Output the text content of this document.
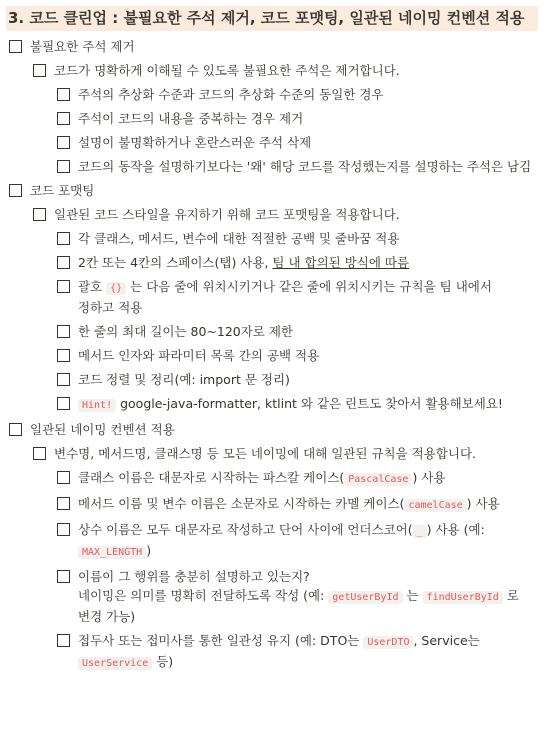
3. 코드 클린업 : 불필요한 주석 제거, 코드 포맷팅, 일관된 네이밍 컨벤션 적용
불필요한 주석 제거
코드가 명확하게 이해될 수 있도록 불필요한 주석은 제거합니다.
주석의 추상화 수준과 코드의 추상화 수준의 동일한 경우
주석이 코드의 내용을 중복하는 경우 제거
설명이 불명확하거나 혼란스러운 주석 삭제
코드의 동작을 설명하기보다는 '왜' 해당 코드를 작성했는지를 설명하는 주석은 남김
코드 포맷팅
일관된 코드 스타일을 유지하기 위해 코드 포맷팅을 적용합니다.
각 클래스, 메서드, 변수에 대한 적절한 공백 및 줄바꿈 적용
2칸 또는 4칸의 스페이스(탭) 사용, 팀 내 합의된 방식에 따름
괄호 {} 는 다음 줄에 위치시키거나 같은 줄에 위치시키는 규칙을 팀 내에서 정하고 적용
한 줄의 최대 길이는 80~120자로 제한
메서드 인자와 파라미터 목록 간의 공백 적용
코드 정렬 및 정리(예: import 문 정리)
Hint! google-java-formatter, ktlint 와 같은 린트도 찾아서 활용해보세요!
일관된 네이밍 컨벤션 적용
변수명, 메서드명, 클래스명 등 모든 네이밍에 대해 일관된 규칙을 적용합니다.
클래스 이름은 대문자로 시작하는 파스칼 케이스( PascalCase ) 사용
메서드 이름 및 변수 이름은 소문자로 시작하는 카멜 케이스( camelCase ) 사용
상수 이름은 모두 대문자로 작성하고 단어 사이에 언더스코어( _ ) 사용 (예: MAX_LENGTH )
이름이 그 행위를 충분히 설명하고 있는지?
네이밍은 의미를 명확히 전달하도록 작성 (예: getUserById 는 findUserById 로 변경 가능)
접두사 또는 접미사를 통한 일관성 유지 (예: DTO는 UserDTO , Service는 UserService 등)
